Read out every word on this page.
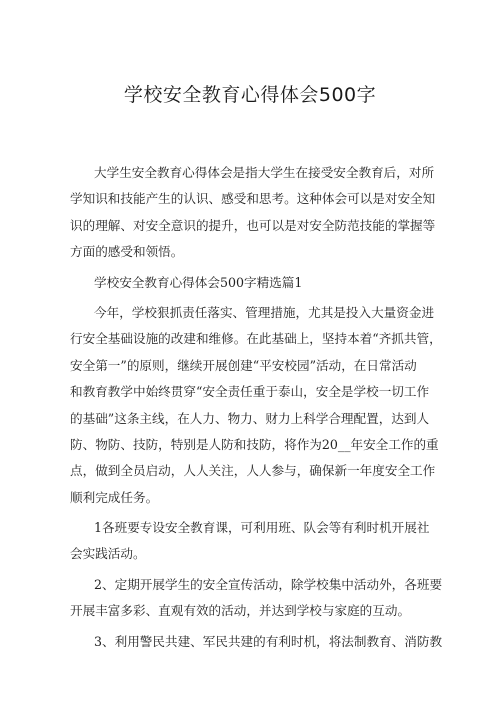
学校安全教育心得体会500字
大学生安全教育心得体会是指大学生在接受安全教育后，对所
学知识和技能产生的认识、感受和思考。这种体会可以是对安全知
识的理解、对安全意识的提升，也可以是对安全防范技能的掌握等
方面的感受和领悟。
学校安全教育心得体会500字精选篇1
今年，学校狠抓责任落实、管理措施，尤其是投入大量资金进
行安全基础设施的改建和维修。在此基础上，坚持本着“齐抓共管，
安全第一”的原则，继续开展创建“平安校园”活动，在日常活动
和教育教学中始终贯穿“安全责任重于泰山，安全是学校一切工作
的基础”这条主线，在人力、物力、财力上科学合理配置，达到人
防、物防、技防，特别是人防和技防，将作为20__年安全工作的重
点，做到全员启动，人人关注，人人参与，确保新一年度安全工作
顺利完成任务。
1各班要专设安全教育课，可利用班、队会等有利时机开展社
会实践活动。
2、定期开展学生的安全宣传活动，除学校集中活动外，各班要
开展丰富多彩、直观有效的活动，并达到学校与家庭的互动。
3、利用警民共建、军民共建的有利时机，将法制教育、消防教
